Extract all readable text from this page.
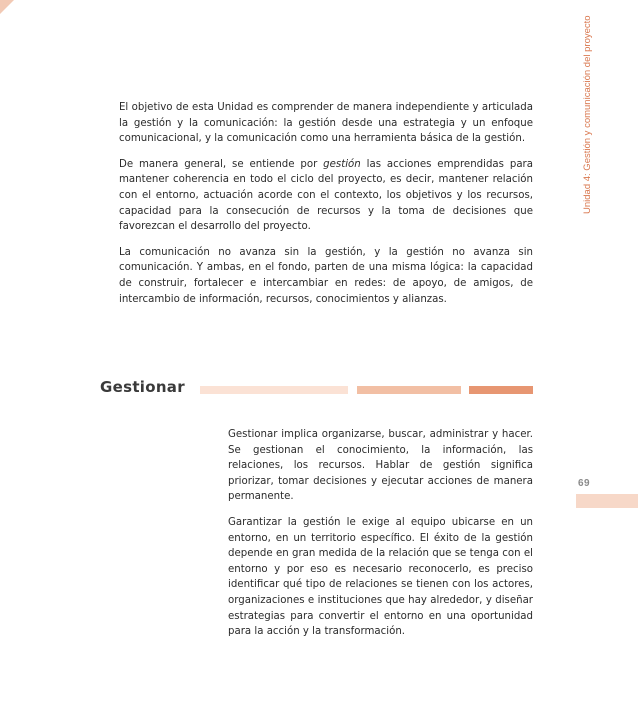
Unidad 4: Gestión y comunicación del proyecto

El objetivo de esta Unidad es comprender de manera independiente y articulada la gestión y la comunicación: la gestión desde una estrategia y un enfoque comunicacional, y la comunicación como una herramienta básica de la gestión.

De manera general, se entiende por gestión las acciones emprendidas para mantener coherencia en todo el ciclo del proyecto, es decir, mantener relación con el entorno, actuación acorde con el contexto, los objetivos y los recursos, capacidad para la consecución de recursos y la toma de decisiones que favorezcan el desarrollo del proyecto.

La comunicación no avanza sin la gestión, y la gestión no avanza sin comunicación. Y ambas, en el fondo, parten de una misma lógica: la capacidad de construir, fortalecer e intercambiar en redes: de apoyo, de amigos, de intercambio de información, recursos, conocimientos y alianzas.

Gestionar

Gestionar implica organizarse, buscar, administrar y hacer. Se gestionan el conocimiento, la información, las relaciones, los recursos. Hablar de gestión significa priorizar, tomar decisiones y ejecutar acciones de manera permanente.

Garantizar la gestión le exige al equipo ubicarse en un entorno, en un territorio específico. El éxito de la gestión depende en gran medida de la relación que se tenga con el entorno y por eso es necesario reconocerlo, es preciso identificar qué tipo de relaciones se tienen con los actores, organizaciones e instituciones que hay alrededor, y diseñar estrategias para convertir el entorno en una oportunidad para la acción y la transformación.

69
